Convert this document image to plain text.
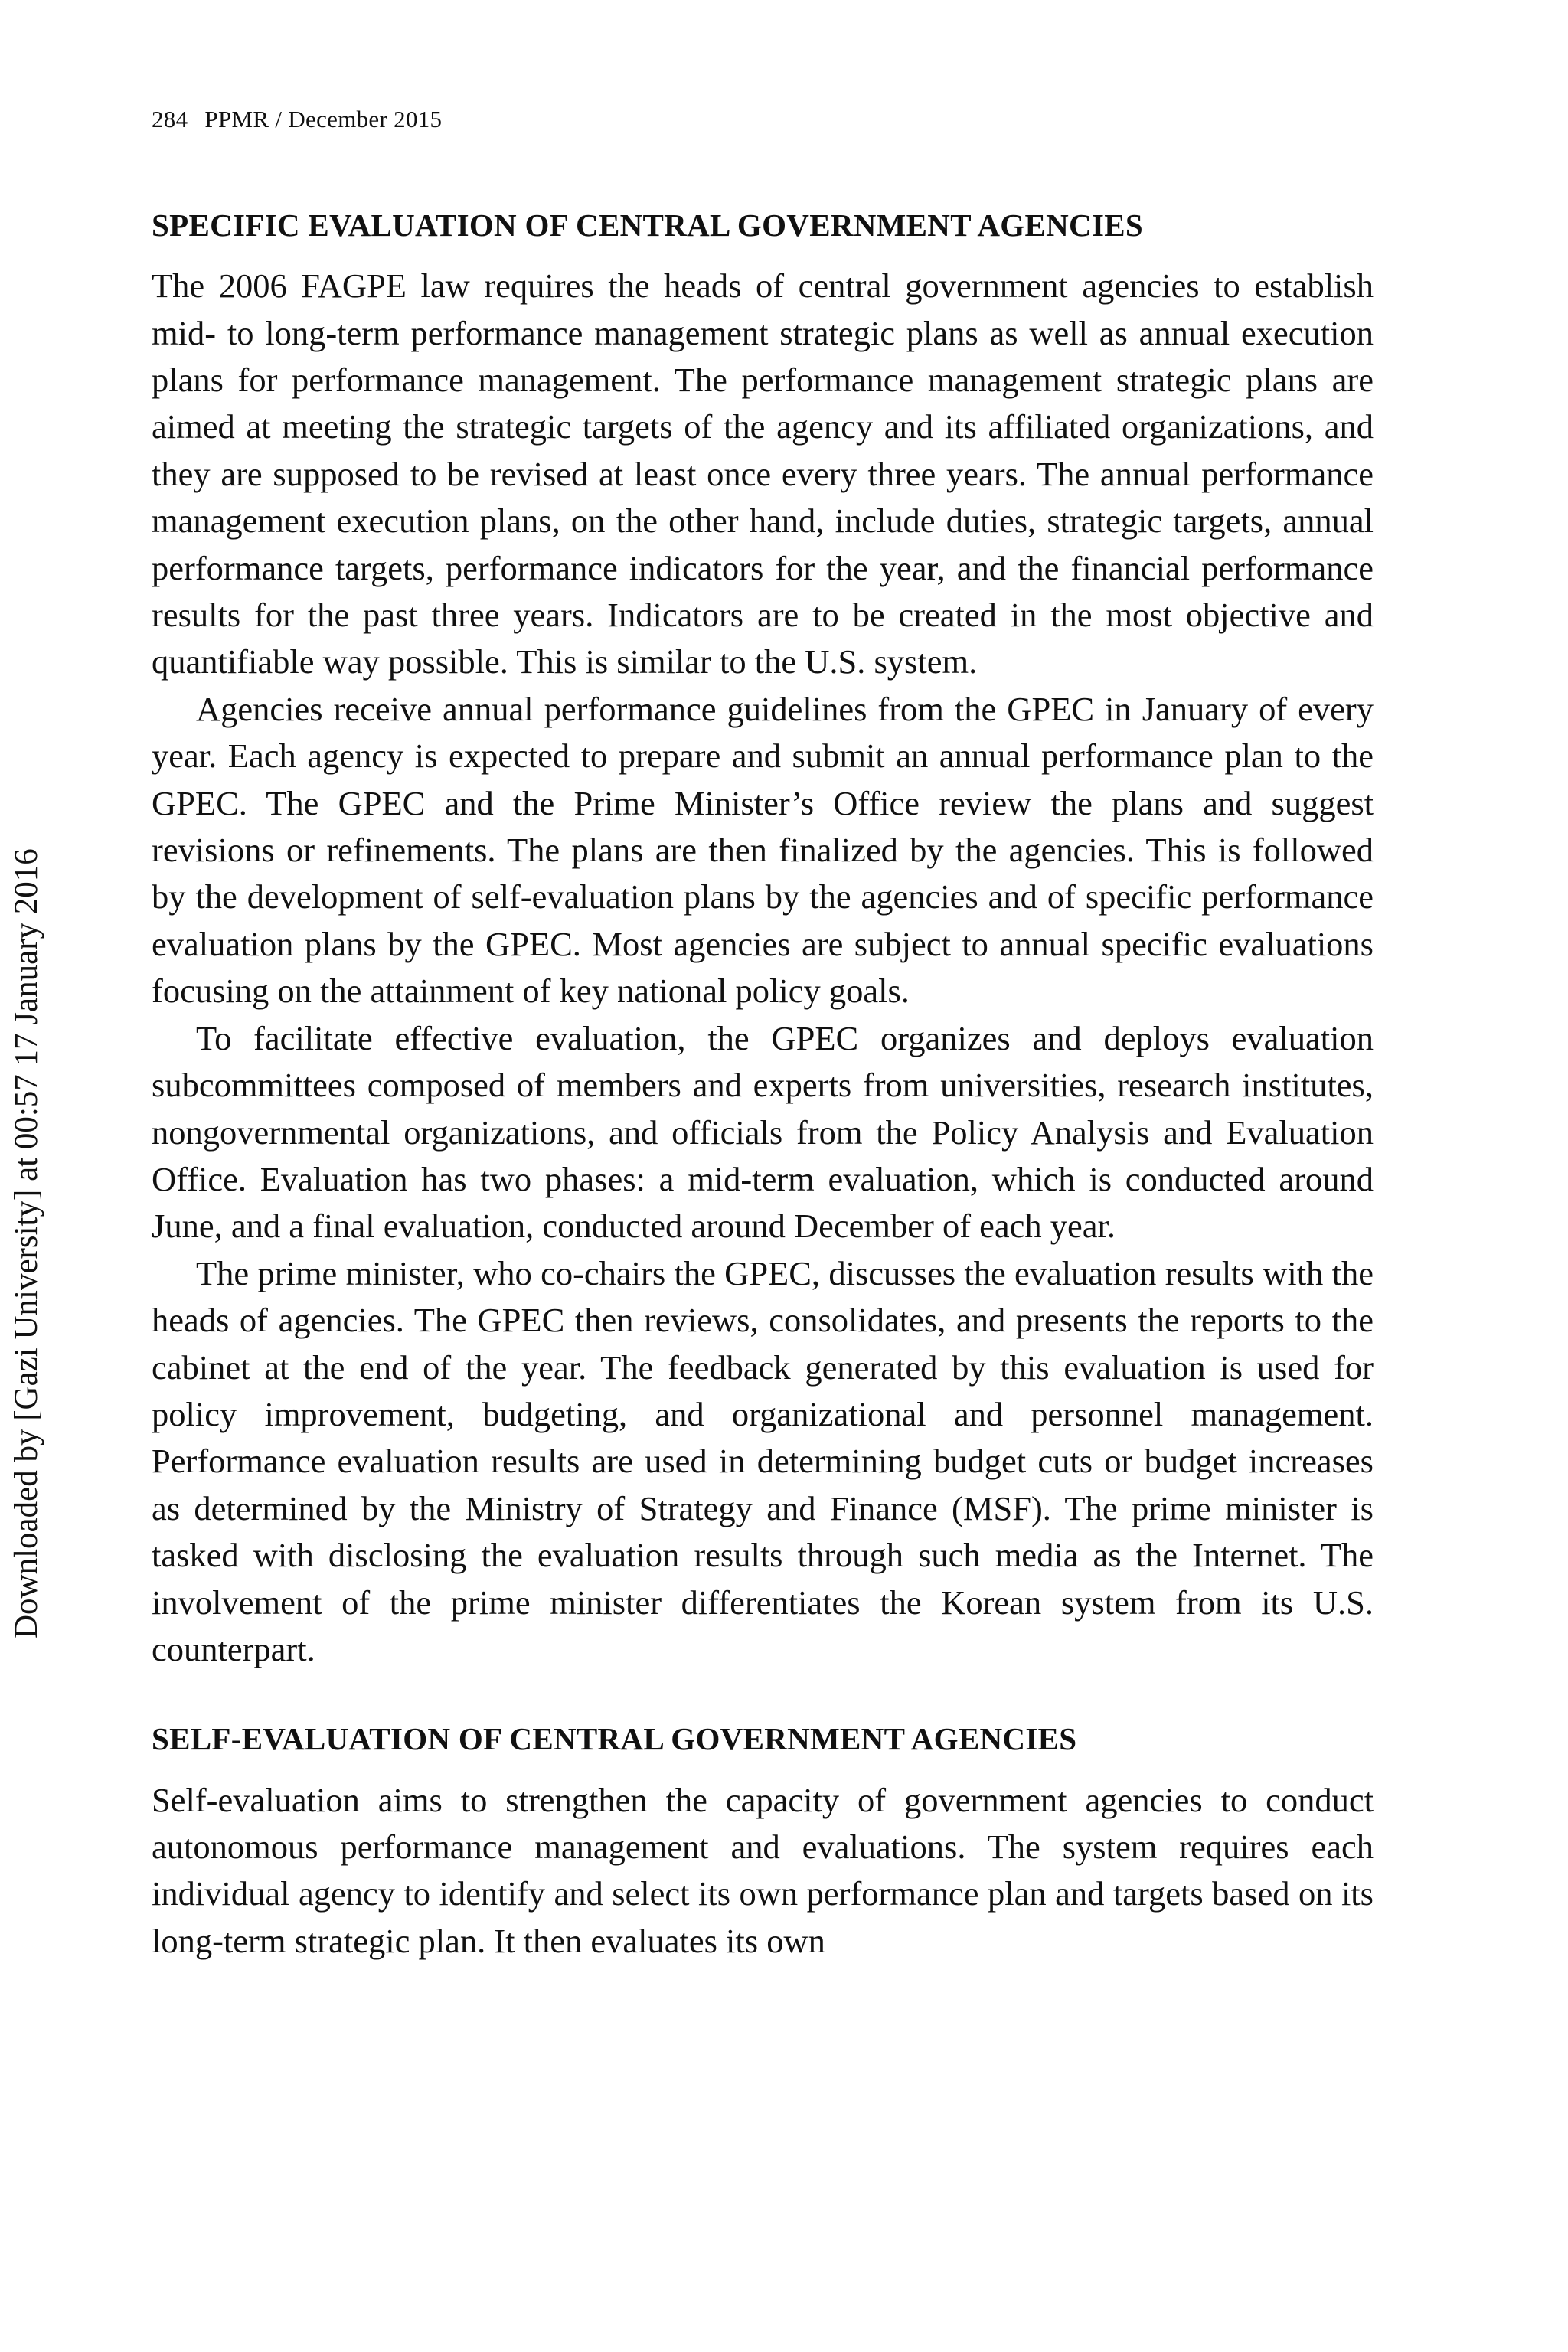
284 PPMR / December 2015
Downloaded by [Gazi University] at 00:57 17 January 2016
SPECIFIC EVALUATION OF CENTRAL GOVERNMENT AGENCIES

The 2006 FAGPE law requires the heads of central government agencies to establish mid- to long-term performance management strategic plans as well as annual execution plans for performance management. The performance management strategic plans are aimed at meeting the strategic targets of the agency and its affiliated organizations, and they are supposed to be revised at least once every three years. The annual performance management execution plans, on the other hand, include duties, strategic targets, annual performance targets, performance indicators for the year, and the financial performance results for the past three years. Indicators are to be created in the most objective and quantifiable way possible. This is similar to the U.S. system.

Agencies receive annual performance guidelines from the GPEC in January of every year. Each agency is expected to prepare and submit an annual performance plan to the GPEC. The GPEC and the Prime Minister’s Office review the plans and suggest revisions or refinements. The plans are then finalized by the agencies. This is followed by the development of self-evaluation plans by the agencies and of specific performance evaluation plans by the GPEC. Most agencies are subject to annual specific evaluations focusing on the attainment of key national policy goals.

To facilitate effective evaluation, the GPEC organizes and deploys evaluation subcommittees composed of members and experts from universities, research institutes, nongovernmental organizations, and officials from the Policy Analysis and Evaluation Office. Evaluation has two phases: a mid-term evaluation, which is conducted around June, and a final evaluation, conducted around December of each year.

The prime minister, who co-chairs the GPEC, discusses the evaluation results with the heads of agencies. The GPEC then reviews, consolidates, and presents the reports to the cabinet at the end of the year. The feedback generated by this evaluation is used for policy improvement, budgeting, and organizational and personnel management. Performance evaluation results are used in determining budget cuts or budget increases as determined by the Ministry of Strategy and Finance (MSF). The prime minister is tasked with disclosing the evaluation results through such media as the Internet. The involvement of the prime minister differentiates the Korean system from its U.S. counterpart.

SELF-EVALUATION OF CENTRAL GOVERNMENT AGENCIES

Self-evaluation aims to strengthen the capacity of government agencies to conduct autonomous performance management and evaluations. The system requires each individual agency to identify and select its own performance plan and targets based on its long-term strategic plan. It then evaluates its own
